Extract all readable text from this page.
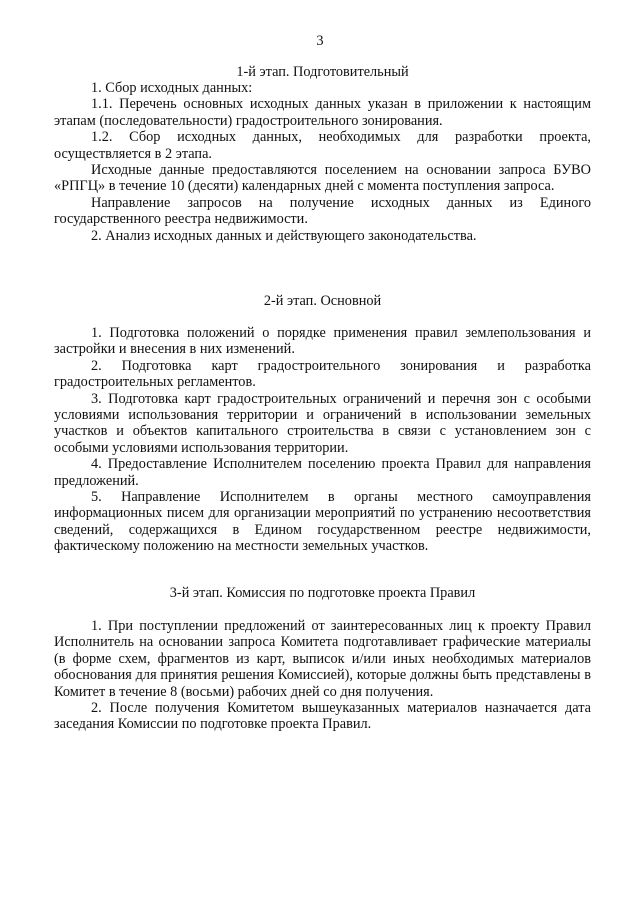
3
1-й этап. Подготовительный

1. Сбор исходных данных:

1.1. Перечень основных исходных данных указан в приложении к настоящим этапам (последовательности) градостроительного зонирования.

1.2. Сбор исходных данных, необходимых для разработки проекта, осуществляется в 2 этапа.

Исходные данные предоставляются поселением на основании запроса БУВО «РПГЦ» в течение 10 (десяти) календарных дней с момента поступления запроса.

Направление запросов на получение исходных данных из Единого государственного реестра недвижимости.

2. Анализ исходных данных и действующего законодательства.

2-й этап. Основной

1. Подготовка положений о порядке применения правил землепользования и застройки и внесения в них изменений.

2. Подготовка карт градостроительного зонирования и разработка градостроительных регламентов.

3. Подготовка карт градостроительных ограничений и перечня зон с особыми условиями использования территории и ограничений в использовании земельных участков и объектов капитального строительства в связи с установлением зон с особыми условиями использования территории.

4. Предоставление Исполнителем поселению проекта Правил для направления предложений.

5. Направление Исполнителем в органы местного самоуправления информационных писем для организации мероприятий по устранению несоответствия сведений, содержащихся в Едином государственном реестре недвижимости, фактическому положению на местности земельных участков.

3-й этап. Комиссия по подготовке проекта Правил

1. При поступлении предложений от заинтересованных лиц к проекту Правил Исполнитель на основании запроса Комитета подготавливает графические материалы (в форме схем, фрагментов из карт, выписок и/или иных необходимых материалов обоснования для принятия решения Комиссией), которые должны быть представлены в Комитет в течение 8 (восьми) рабочих дней со дня получения.

2. После получения Комитетом вышеуказанных материалов назначается дата заседания Комиссии по подготовке проекта Правил.
